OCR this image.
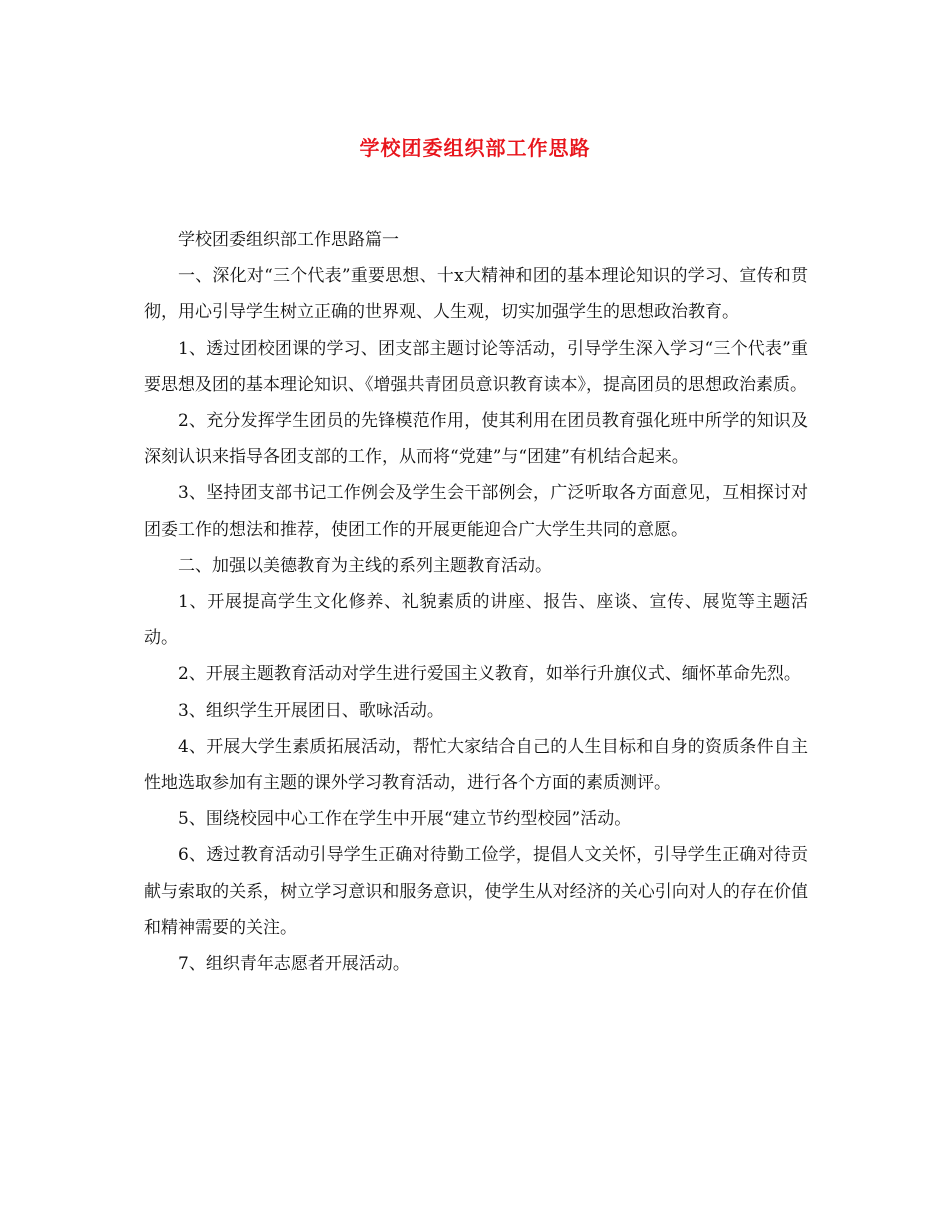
学校团委组织部工作思路

学校团委组织部工作思路篇一

一、深化对“三个代表”重要思想、十x大精神和团的基本理论知识的学习、宣传和贯彻，用心引导学生树立正确的世界观、人生观，切实加强学生的思想政治教育。

1、透过团校团课的学习、团支部主题讨论等活动，引导学生深入学习“三个代表”重要思想及团的基本理论知识、《增强共青团员意识教育读本》，提高团员的思想政治素质。

2、充分发挥学生团员的先锋模范作用，使其利用在团员教育强化班中所学的知识及深刻认识来指导各团支部的工作，从而将“党建”与“团建”有机结合起来。

3、坚持团支部书记工作例会及学生会干部例会，广泛听取各方面意见，互相探讨对团委工作的想法和推荐，使团工作的开展更能迎合广大学生共同的意愿。

二、加强以美德教育为主线的系列主题教育活动。

1、开展提高学生文化修养、礼貌素质的讲座、报告、座谈、宣传、展览等主题活动。

2、开展主题教育活动对学生进行爱国主义教育，如举行升旗仪式、缅怀革命先烈。

3、组织学生开展团日、歌咏活动。

4、开展大学生素质拓展活动，帮忙大家结合自己的人生目标和自身的资质条件自主性地选取参加有主题的课外学习教育活动，进行各个方面的素质测评。

5、围绕校园中心工作在学生中开展“建立节约型校园”活动。

6、透过教育活动引导学生正确对待勤工俭学，提倡人文关怀，引导学生正确对待贡献与索取的关系，树立学习意识和服务意识，使学生从对经济的关心引向对人的存在价值和精神需要的关注。

7、组织青年志愿者开展活动。
